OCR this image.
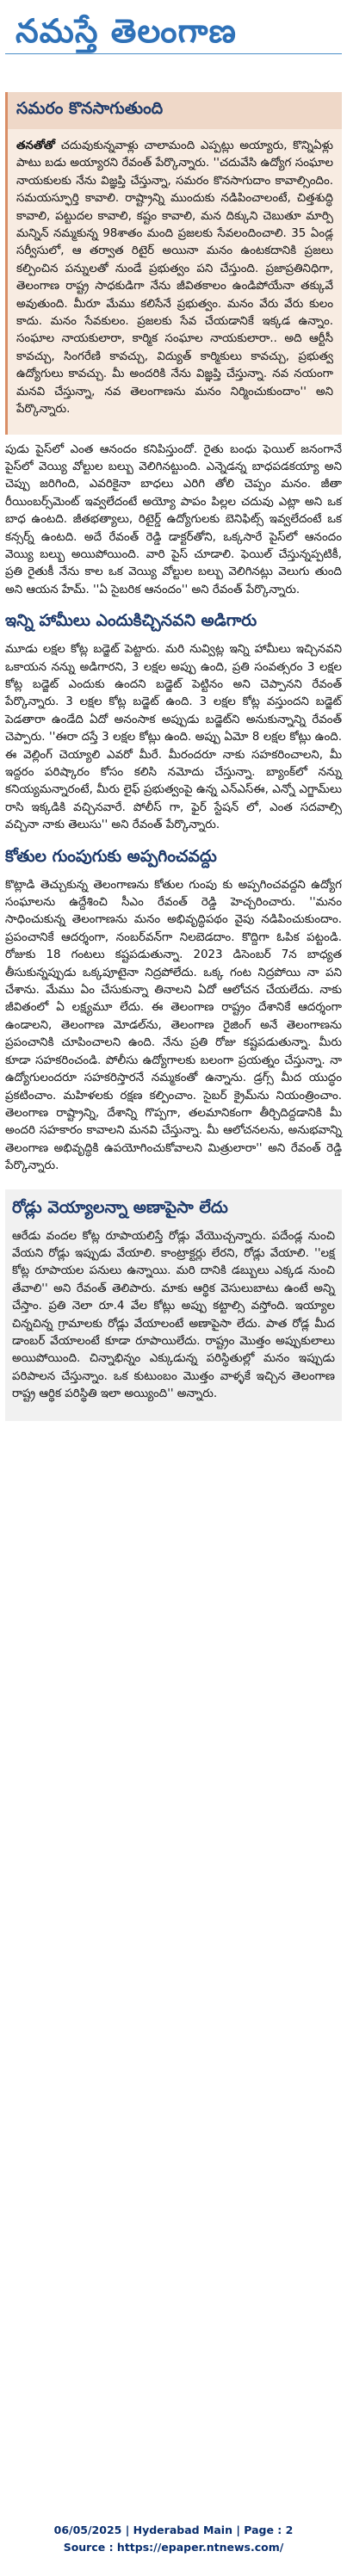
నమస్తే తెలంగాణ
సమరం కొనసాగుతుంది

తనతోతో చదువుకున్నవాళ్లు చాలామంది ఎప్పట్లు అయ్యారు, కొన్నిఏళ్లు పాటు బడు అయ్యారని రేవంత్ పేర్కొన్నారు. ''చదువేసి ఉద్యోగ సంఘాల నాయకులకు నేను విజ్ఞప్తి చేస్తున్నా, సమరం కొనసాగుదాం కావాల్సిందిం. సమయస్ఫూర్తి కావాలి. రాష్ట్రాన్ని ముందుకు నడిపించాలంటే, చిత్తశుద్ధి కావాలి, పట్టుదల కావాలి, కష్టం కావాలి, మన దిక్కుని చెబుతూ మార్పి మన్నిన్ నమ్మకున్న 98శాతం మంది ప్రజలకు సేవలందించాలి. 35 ఏండ్ల సర్వీసులో, ఆ తర్వాత రిటైర్ అయినా మనం ఉంటకదానికి ప్రజలు కల్పించిన పన్నులతో నుండే ప్రభుత్వం పని చేస్తుంది. ప్రజాప్రతినిధిగా, తెలంగాణ రాష్ట్ర సాధకుడిగా నేను జీవితకాలం ఉండిపోయేనా తక్కువే అవుతుంది. మీరూ మేము కలిసేనే ప్రభుత్వం. మనం వేరు వేరు కులం కాదు. మనం సేవకులం. ప్రజలకు సేవ చేయడానికే ఇక్కడ ఉన్నాం. సంఘాల నాయకులారా, కార్మిక సంఘాల నాయకులారా.. అది ఆర్టీసీ కావచ్చు, సింగరేణి కావచ్చు, విద్యుత్ కార్మికులు కావచ్చు, ప్రభుత్వ ఉద్యోగులు కావచ్చు. మీ అందరికి నేను విజ్ఞప్తి చేస్తున్నా. నవ నయంగా మనవి చేస్తున్నా, నవ తెలంగాణను మనం నిర్మించుకుందాం'' అని పేర్కొన్నారు.

పుడు పైస్‌లో ఎంత ఆనందం కనిపిస్తుందో. రైతు బంధు ఫెయిల్ జనంగానే పైస్‌లో వెయ్యి వోల్టుల బల్బు వెలిగినట్టుంది. ఎన్నెడన్న బాధపడకయ్యా అని చెప్పు జరిగింది, ఎవరికైనా బాధలు ఎరిగి తోలి చెప్పం మనం. జీతా రీయింబర్స్‌మెంట్ ఇవ్వలేదంటే అయ్యో పాపం పిల్లల చదువు ఎట్లా అని ఒక బాధ ఉంటది. జీతభత్యాలు, రిటైర్డ్ ఉద్యోగులకు బెనిఫిట్స్ ఇవ్వలేదంటే ఒక కన్సర్న్ ఉంటది. అదే రేవంత్ రెడ్డి డాక్టర్‌తోని, ఒక్కసారే పైస్‌లో ఆనందం వెయ్యి బల్బు అయిపోయింది. వారి పైస్ చూడాలి. ఫెయిల్ చేస్తున్నప్పటికీ, ప్రతి రైతుకీ నేను కాల ఒక వెయ్యి వోల్టుల బల్బు వెలిగినట్లు వెలుగు తుంది అని ఆయన హేమ్. ''ఏ సైబరిక ఆనందం'' అని రేవంత్ పేర్కొన్నారు.

ఇన్ని హామీలు ఎందుకిచ్చినవని అడిగారు

మూడు లక్షల కోట్ల బడ్జెట్ పెట్టారు. మరి నువ్విట్ల ఇన్ని హామీలు ఇచ్చినవని ఒకాయన నన్ను అడిగారని, 3 లక్షల అప్పు ఉంది, ప్రతి సంవత్సరం 3 లక్షల కోట్ల బడ్జెట్ ఎందుకు ఉందని బడ్జెట్ పెట్టినం అని చెప్పానని రేవంత్ పేర్కొన్నారు. 3 లక్షల కోట్ల బడ్జెట్ ఉంది. 3 లక్షల కోట్ల వస్తుందని బడ్జెట్ పెడతారా ఉండేది ఏదో అనంసాక అప్పుడు బడ్జెట్‌ని అనుకున్నాన్ని రేవంత్ చెప్పారు. ''ఈరా దస్తే 3 లక్షల కోట్లు ఉంది. అప్పు ఏమో 8 లక్షల కోట్లు ఉంది. ఈ వెల్లింగ్ చెయ్యాలి ఎవరో మీరే. మీరందరూ నాకు సహకరించాలని, మీ ఇద్దరం పరిష్కారం కోసం కలిసి నమోదు చేస్తున్నా. బ్యాంక్‌లో నన్ను కనియ్యమన్నారంటే, మీరు లైఫ్ ప్రభుత్వంపై ఉన్న ఎన్‌ఎస్ఈ, ఎన్నో ఎగ్జామ్‌లు రాసి ఇక్కడికి వచ్చినవారే. పోలీస్ గా, ఫైర్ స్టేషన్ లో, ఎంత సదవాల్సి వచ్చినా నాకు తెలుసు'' అని రేవంత్ పేర్కొన్నారు.

కోతుల గుంపుగుకు అప్పగించవద్దు

కొట్లాడి తెచ్చుకున్న తెలంగాణను కోతుల గుంపు కు అప్పగించవద్దని ఉద్యోగ సంఘాలను ఉద్దేశించి సీఎం రేవంత్ రెడ్డి హెచ్చరించారు. ''మనం సాధించుకున్న తెలంగాణను మనం అభివృద్ధిపథం వైపు నడిపించుకుందాం. ప్రపంచానికే ఆదర్శంగా, నంబర్‌వన్‌గా నిలబెడదాం. కొద్దిగా ఓపిక పట్టండి. రోజుకు 18 గంటలు కష్టపడుతున్నా. 2023 డిసెంబర్ 7న బాధ్యత తీసుకున్నప్పుడు ఒక్కపూటైనా నిద్రపోలేదు. ఒక్క గంట నిద్రపోయి నా పని చేశాను. మేము ఏం చేసుకున్నా తినాలని ఏదో ఆలోచన చేయలేదు. నాకు జీవితంలో ఏ లక్ష్యమూ లేదు. ఈ తెలంగాణ రాష్ట్రం దేశానికే ఆదర్శంగా ఉండాలని, తెలంగాణ మోడల్‌ను, తెలంగాణ రైజింగ్ అనే తెలంగాణను ప్రపంచానికి చూపించాలని ఉంది. నేను ప్రతి రోజు కష్టపడుతున్నా. మీరు కూడా సహకరించండి. పోలీసు ఉద్యోగాలకు బలంగా ప్రయత్నం చేస్తున్నా. నా ఉద్యోగులందరూ సహకరిస్తారనే నమ్మకంతో ఉన్నాను. డ్రగ్స్ మీద యుద్ధం ప్రకటించాం. మహిళలకు రక్షణ కల్పించాం. సైబర్ క్రైమ్‌ను నియంత్రించాం. తెలంగాణ రాష్ట్రాన్ని, దేశాన్ని గొప్పగా, తలమానికంగా తీర్చిదిద్దడానికి మీ అందరి సహకారం కావాలని మనవి చేస్తున్నా. మీ ఆలోచనలను, అనుభవాన్ని తెలంగాణ అభివృద్ధికి ఉపయోగించుకోవాలని మిత్రులారా'' అని రేవంత్ రెడ్డి పేర్కొన్నారు.

రోడ్లు వెయ్యాలన్నా అణాపైసా లేదు

ఆరేడు వందల కోట్ల రూపాయలిస్తే రోడ్లు వేయొచ్చన్నారు. పదేండ్ల నుంచి వేయని రోడ్లు ఇప్పుడు వేయాలి. కాంట్రాక్టర్లు లేరని, రోడ్లు వేయాలి. ''లక్ష కోట్ల రూపాయల పనులు ఉన్నాయి. మరి దానికి డబ్బులు ఎక్కడ నుంచి తేవాలి'' అని రేవంత్ తెలిపారు. మాకు ఆర్థిక వెసులుబాటు ఉంటే అన్ని చేస్తాం. ప్రతి నెలా రూ.4 వేల కోట్లు అప్పు కట్టాల్సి వస్తోంది. ఇయ్యాల చిన్నచిన్న గ్రామాలకు రోడ్లు వేయాలంటే అణాపైసా లేదు. పాత రోడ్ల మీద డాంబర్ వేయాలంటే కూడా రూపాయిలేదు. రాష్ట్రం మొత్తం అప్పుకులాలు అయిపోయింది. చిన్నాభిన్నం ఎక్కుడున్న పరిస్థితుల్లో మనం ఇప్పుడు పరిపాలన చేస్తున్నాం. ఒక కుటుంబం మొత్తం వాళ్ళకే ఇచ్చిన తెలంగాణ రాష్ట్ర ఆర్థిక పరిస్థితి ఇలా అయ్యింది'' అన్నారు.

06/05/2025 | Hyderabad Main | Page : 2
Source : https://epaper.ntnews.com/
